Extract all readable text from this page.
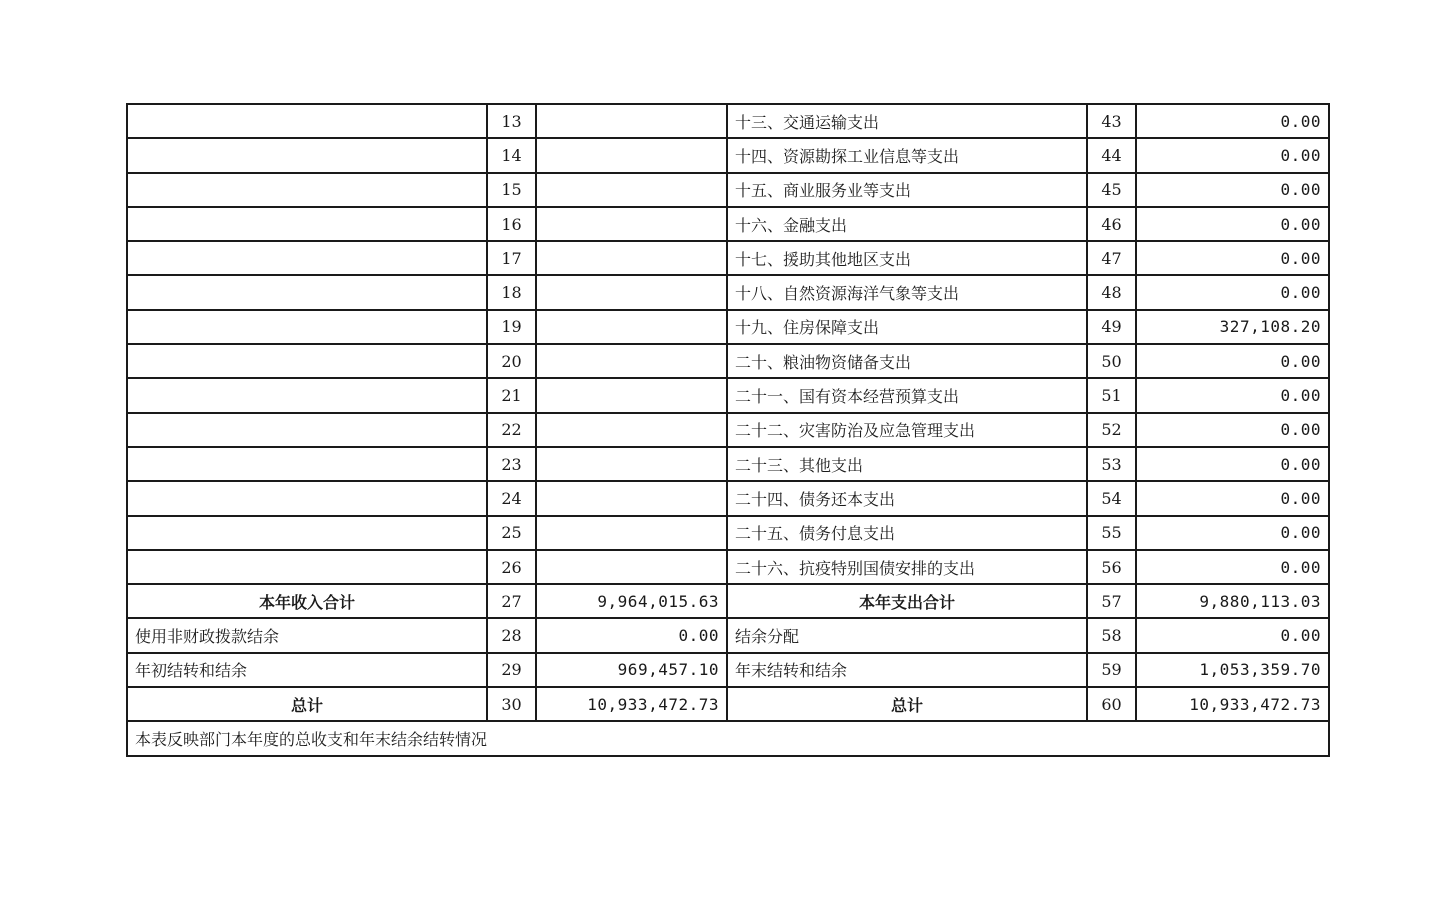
	13		十三、交通运输支出	43	0.00
	14		十四、资源勘探工业信息等支出	44	0.00
	15		十五、商业服务业等支出	45	0.00
	16		十六、金融支出	46	0.00
	17		十七、援助其他地区支出	47	0.00
	18		十八、自然资源海洋气象等支出	48	0.00
	19		十九、住房保障支出	49	327,108.20
	20		二十、粮油物资储备支出	50	0.00
	21		二十一、国有资本经营预算支出	51	0.00
	22		二十二、灾害防治及应急管理支出	52	0.00
	23		二十三、其他支出	53	0.00
	24		二十四、债务还本支出	54	0.00
	25		二十五、债务付息支出	55	0.00
	26		二十六、抗疫特别国债安排的支出	56	0.00
本年收入合计	27	9,964,015.63	本年支出合计	57	9,880,113.03
使用非财政拨款结余	28	0.00	结余分配	58	0.00
年初结转和结余	29	969,457.10	年末结转和结余	59	1,053,359.70
总计	30	10,933,472.73	总计	60	10,933,472.73
本表反映部门本年度的总收支和年末结余结转情况					
